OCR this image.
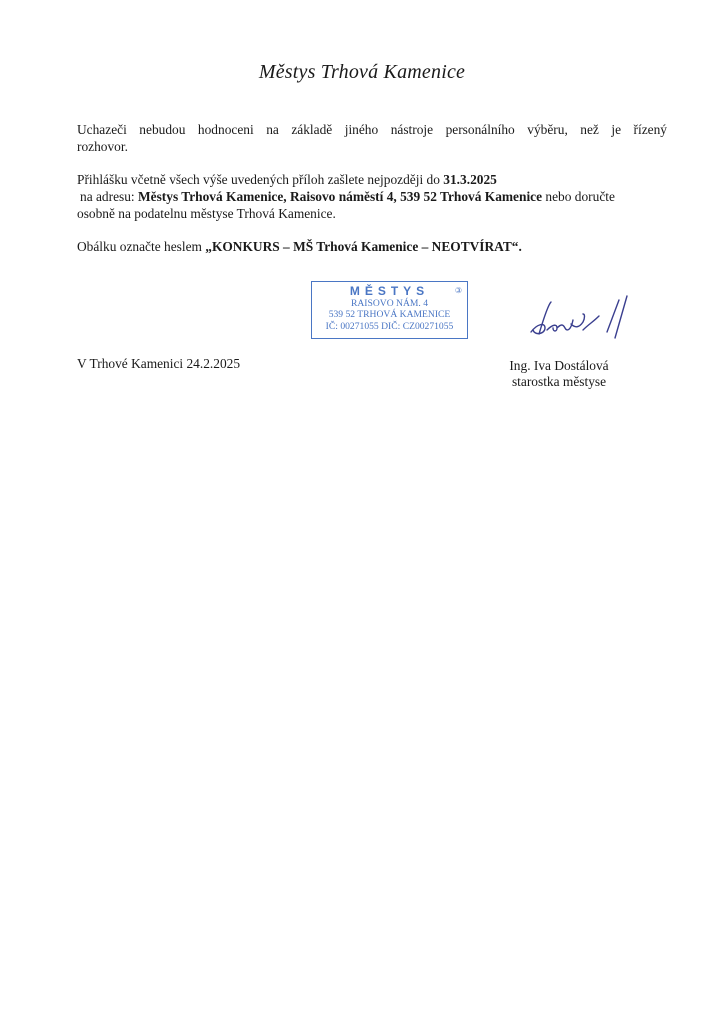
Městys Trhová Kamenice
Uchazeči nebudou hodnoceni na základě jiného nástroje personálního výběru, než je řízený
rozhovor.
Přihlášku včetně všech výše uvedených příloh zašlete nejpozději do 31.3.2025
na adresu: Městys Trhová Kamenice, Raisovo náměstí 4, 539 52 Trhová Kamenice nebo doručte
osobně na podatelnu městyse Trhová Kamenice.
Obálku označte heslem „KONKURS – MŠ Trhová Kamenice – NEOTVÍRAT“.
③
MĚSTYS
RAISOVO NÁM. 4
539 52 TRHOVÁ KAMENICE
IČ: 00271055 DIČ: CZ00271055
V Trhové Kamenici 24.2.2025	Ing. Iva Dostálová
starostka městyse
